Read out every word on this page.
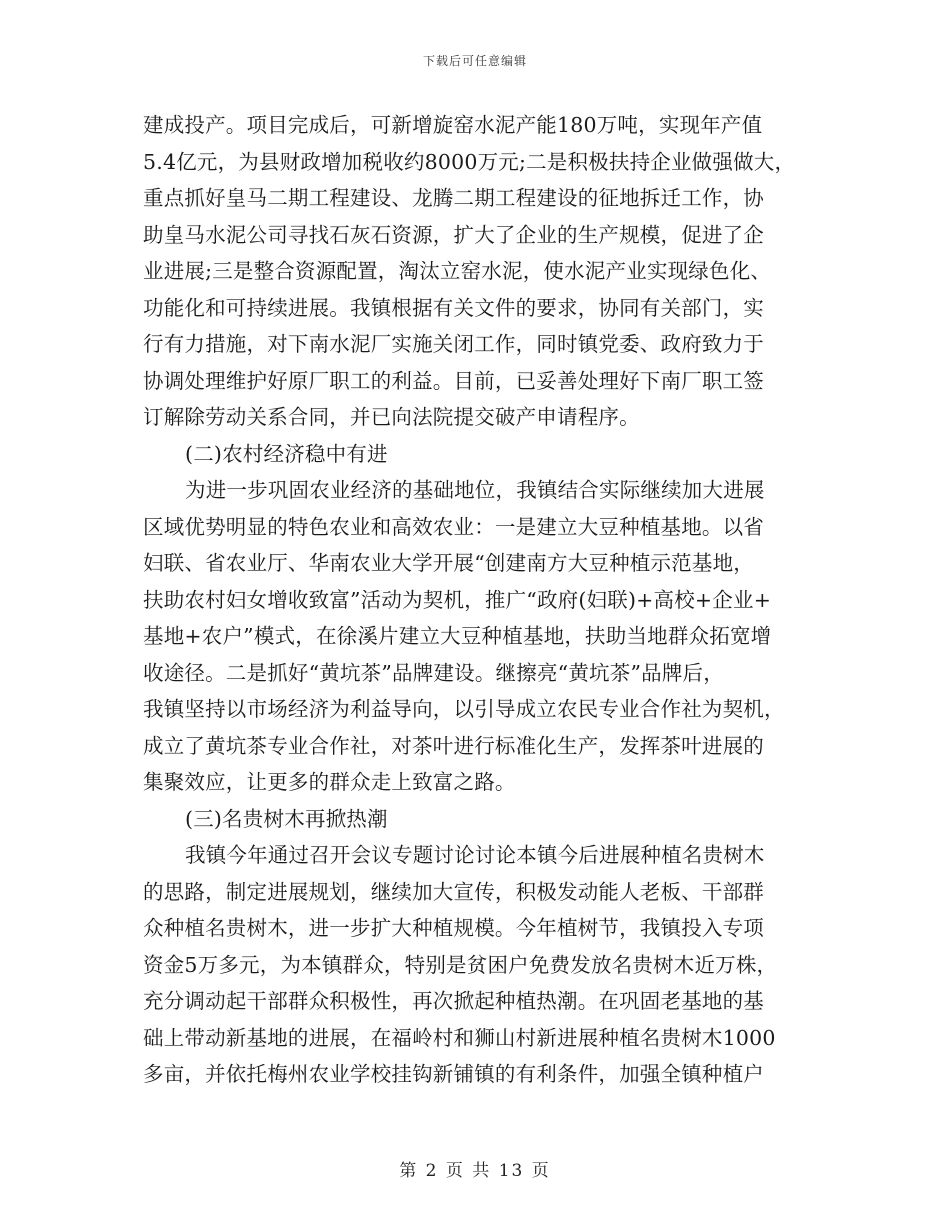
下载后可任意编辑
建成投产。项目完成后，可新增旋窑水泥产能180万吨，实现年产值
5.4亿元，为县财政增加税收约8000万元;二是积极扶持企业做强做大，
重点抓好皇马二期工程建设、龙腾二期工程建设的征地拆迁工作，协
助皇马水泥公司寻找石灰石资源，扩大了企业的生产规模，促进了企
业进展;三是整合资源配置，淘汰立窑水泥，使水泥产业实现绿色化、
功能化和可持续进展。我镇根据有关文件的要求，协同有关部门，实
行有力措施，对下南水泥厂实施关闭工作，同时镇党委、政府致力于
协调处理维护好原厂职工的利益。目前，已妥善处理好下南厂职工签
订解除劳动关系合同，并已向法院提交破产申请程序。
(二)农村经济稳中有进
为进一步巩固农业经济的基础地位，我镇结合实际继续加大进展
区域优势明显的特色农业和高效农业：一是建立大豆种植基地。以省
妇联、省农业厅、华南农业大学开展“创建南方大豆种植示范基地，
扶助农村妇女增收致富”活动为契机，推广“政府(妇联)+高校+企业+
基地+农户”模式，在徐溪片建立大豆种植基地，扶助当地群众拓宽增
收途径。二是抓好“黄坑茶”品牌建设。继擦亮“黄坑茶”品牌后，
我镇坚持以市场经济为利益导向，以引导成立农民专业合作社为契机，
成立了黄坑茶专业合作社，对茶叶进行标准化生产，发挥茶叶进展的
集聚效应，让更多的群众走上致富之路。
(三)名贵树木再掀热潮
我镇今年通过召开会议专题讨论讨论本镇今后进展种植名贵树木
的思路，制定进展规划，继续加大宣传，积极发动能人老板、干部群
众种植名贵树木，进一步扩大种植规模。今年植树节，我镇投入专项
资金5万多元，为本镇群众，特别是贫困户免费发放名贵树木近万株，
充分调动起干部群众积极性，再次掀起种植热潮。在巩固老基地的基
础上带动新基地的进展，在福岭村和狮山村新进展种植名贵树木1000
多亩，并依托梅州农业学校挂钩新铺镇的有利条件，加强全镇种植户
第 2 页 共 13 页
